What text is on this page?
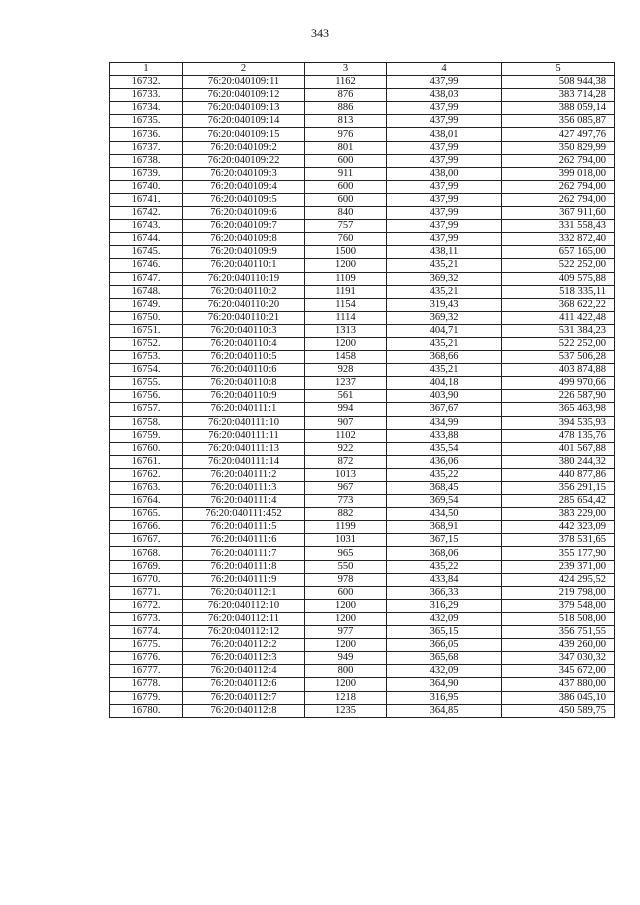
343
1	2	3	4	5
16732.	76:20:040109:11	1162	437,99	508 944,38
16733.	76:20:040109:12	876	438,03	383 714,28
16734.	76:20:040109:13	886	437,99	388 059,14
16735.	76:20:040109:14	813	437,99	356 085,87
16736.	76:20:040109:15	976	438,01	427 497,76
16737.	76:20:040109:2	801	437,99	350 829,99
16738.	76:20:040109:22	600	437,99	262 794,00
16739.	76:20:040109:3	911	438,00	399 018,00
16740.	76:20:040109:4	600	437,99	262 794,00
16741.	76:20:040109:5	600	437,99	262 794,00
16742.	76:20:040109:6	840	437,99	367 911,60
16743.	76:20:040109:7	757	437,99	331 558,43
16744.	76:20:040109:8	760	437,99	332 872,40
16745.	76:20:040109:9	1500	438,11	657 165,00
16746.	76:20:040110:1	1200	435,21	522 252,00
16747.	76:20:040110:19	1109	369,32	409 575,88
16748.	76:20:040110:2	1191	435,21	518 335,11
16749.	76:20:040110:20	1154	319,43	368 622,22
16750.	76:20:040110:21	1114	369,32	411 422,48
16751.	76:20:040110:3	1313	404,71	531 384,23
16752.	76:20:040110:4	1200	435,21	522 252,00
16753.	76:20:040110:5	1458	368,66	537 506,28
16754.	76:20:040110:6	928	435,21	403 874,88
16755.	76:20:040110:8	1237	404,18	499 970,66
16756.	76:20:040110:9	561	403,90	226 587,90
16757.	76:20:040111:1	994	367,67	365 463,98
16758.	76:20:040111:10	907	434,99	394 535,93
16759.	76:20:040111:11	1102	433,88	478 135,76
16760.	76:20:040111:13	922	435,54	401 567,88
16761.	76:20:040111:14	872	436,06	380 244,32
16762.	76:20:040111:2	1013	435,22	440 877,86
16763.	76:20:040111:3	967	368,45	356 291,15
16764.	76:20:040111:4	773	369,54	285 654,42
16765.	76:20:040111:452	882	434,50	383 229,00
16766.	76:20:040111:5	1199	368,91	442 323,09
16767.	76:20:040111:6	1031	367,15	378 531,65
16768.	76:20:040111:7	965	368,06	355 177,90
16769.	76:20:040111:8	550	435,22	239 371,00
16770.	76:20:040111:9	978	433,84	424 295,52
16771.	76:20:040112:1	600	366,33	219 798,00
16772.	76:20:040112:10	1200	316,29	379 548,00
16773.	76:20:040112:11	1200	432,09	518 508,00
16774.	76:20:040112:12	977	365,15	356 751,55
16775.	76:20:040112:2	1200	366,05	439 260,00
16776.	76:20:040112:3	949	365,68	347 030,32
16777.	76:20:040112:4	800	432,09	345 672,00
16778.	76:20:040112:6	1200	364,90	437 880,00
16779.	76:20:040112:7	1218	316,95	386 045,10
16780.	76:20:040112:8	1235	364,85	450 589,75
